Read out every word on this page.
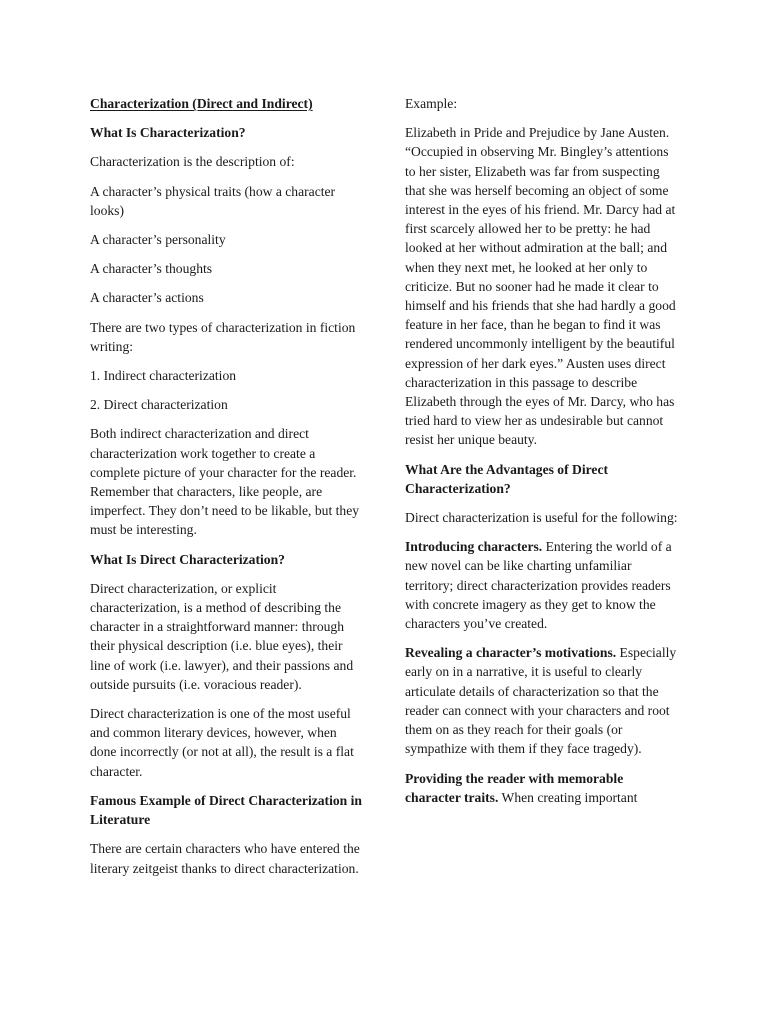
Characterization (Direct and Indirect)

What Is Characterization?

Characterization is the description of:

A character’s physical traits (how a character looks)

A character’s personality

A character’s thoughts

A character’s actions

There are two types of characterization in fiction writing:

1. Indirect characterization

2. Direct characterization

Both indirect characterization and direct characterization work together to create a complete picture of your character for the reader. Remember that characters, like people, are imperfect. They don’t need to be likable, but they must be interesting.

What Is Direct Characterization?

Direct characterization, or explicit characterization, is a method of describing the character in a straightforward manner: through their physical description (i.e. blue eyes), their line of work (i.e. lawyer), and their passions and outside pursuits (i.e. voracious reader).

Direct characterization is one of the most useful and common literary devices, however, when done incorrectly (or not at all), the result is a flat character.

Famous Example of Direct Characterization in Literature

There are certain characters who have entered the literary zeitgeist thanks to direct characterization.

Example:

Elizabeth in Pride and Prejudice by Jane Austen. “Occupied in observing Mr. Bingley’s attentions to her sister, Elizabeth was far from suspecting that she was herself becoming an object of some interest in the eyes of his friend. Mr. Darcy had at first scarcely allowed her to be pretty: he had looked at her without admiration at the ball; and when they next met, he looked at her only to criticize. But no sooner had he made it clear to himself and his friends that she had hardly a good feature in her face, than he began to find it was rendered uncommonly intelligent by the beautiful expression of her dark eyes.” Austen uses direct characterization in this passage to describe Elizabeth through the eyes of Mr. Darcy, who has tried hard to view her as undesirable but cannot resist her unique beauty.

What Are the Advantages of Direct Characterization?

Direct characterization is useful for the following:

Introducing characters. Entering the world of a new novel can be like charting unfamiliar territory; direct characterization provides readers with concrete imagery as they get to know the characters you’ve created.

Revealing a character’s motivations. Especially early on in a narrative, it is useful to clearly articulate details of characterization so that the reader can connect with your characters and root them on as they reach for their goals (or sympathize with them if they face tragedy).

Providing the reader with memorable character traits. When creating important
